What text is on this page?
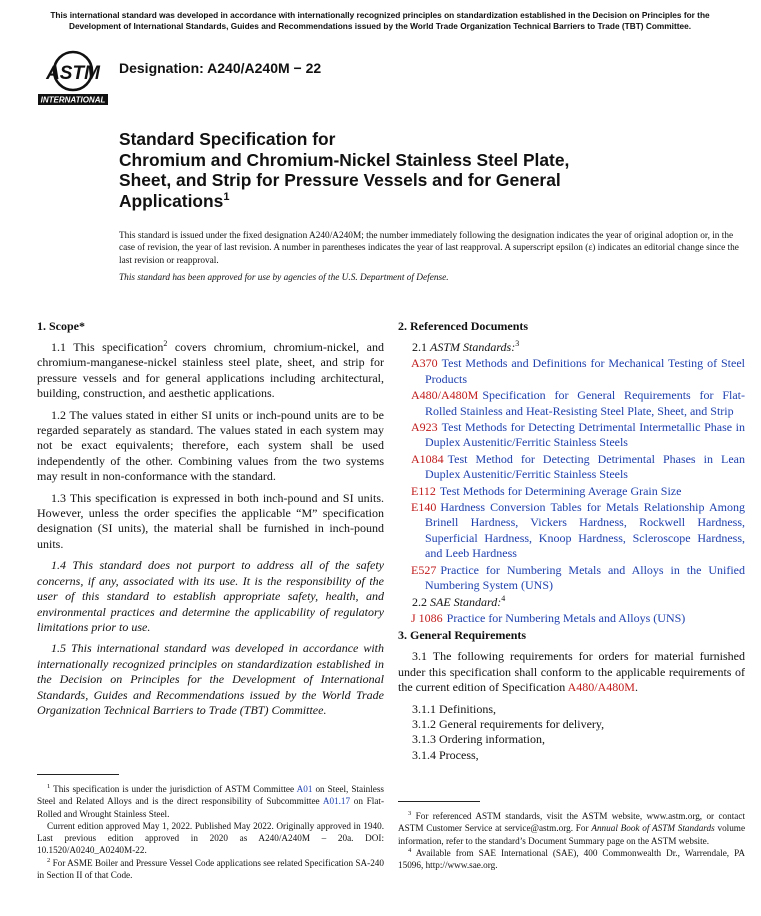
This international standard was developed in accordance with internationally recognized principles on standardization established in the Decision on Principles for the Development of International Standards, Guides and Recommendations issued by the World Trade Organization Technical Barriers to Trade (TBT) Committee.
ASTM
INTERNATIONAL
Designation: A240/A240M − 22
Standard Specification for
Chromium and Chromium-Nickel Stainless Steel Plate,
Sheet, and Strip for Pressure Vessels and for General
Applications$^1$
This standard is issued under the fixed designation A240/A240M; the number immediately following the designation indicates the year of original adoption or, in the case of revision, the year of last revision. A number in parentheses indicates the year of last reapproval. A superscript epsilon (ε) indicates an editorial change since the last revision or reapproval.
This standard has been approved for use by agencies of the U.S. Department of Defense.
1. Scope*

1.1 This specification$^2$ covers chromium, chromium-nickel, and chromium-manganese-nickel stainless steel plate, sheet, and strip for pressure vessels and for general applications including architectural, building, construction, and aesthetic applications.

1.2 The values stated in either SI units or inch-pound units are to be regarded separately as standard. The values stated in each system may not be exact equivalents; therefore, each system shall be used independently of the other. Combining values from the two systems may result in non-conformance with the standard.

1.3 This specification is expressed in both inch-pound and SI units. However, unless the order specifies the applicable “M” specification designation (SI units), the material shall be furnished in inch-pound units.

1.4 This standard does not purport to address all of the safety concerns, if any, associated with its use. It is the responsibility of the user of this standard to establish appropriate safety, health, and environmental practices and determine the applicability of regulatory limitations prior to use.

1.5 This international standard was developed in accordance with internationally recognized principles on standardization established in the Decision on Principles for the Development of International Standards, Guides and Recommendations issued by the World Trade Organization Technical Barriers to Trade (TBT) Committee.

2. Referenced Documents
2.1 ASTM Standards:$^3$
A370 Test Methods and Definitions for Mechanical Testing of Steel Products
A480/A480M Specification for General Requirements for Flat-Rolled Stainless and Heat-Resisting Steel Plate, Sheet, and Strip
A923 Test Methods for Detecting Detrimental Intermetallic Phase in Duplex Austenitic/Ferritic Stainless Steels
A1084 Test Method for Detecting Detrimental Phases in Lean Duplex Austenitic/Ferritic Stainless Steels
E112 Test Methods for Determining Average Grain Size
E140 Hardness Conversion Tables for Metals Relationship Among Brinell Hardness, Vickers Hardness, Rockwell Hardness, Superficial Hardness, Knoop Hardness, Scleroscope Hardness, and Leeb Hardness
E527 Practice for Numbering Metals and Alloys in the Unified Numbering System (UNS)
2.2 SAE Standard:$^4$
J 1086 Practice for Numbering Metals and Alloys (UNS)
3. General Requirements

3.1 The following requirements for orders for material furnished under this specification shall conform to the applicable requirements of the current edition of Specification A480/A480M.

3.1.1 Definitions,
3.1.2 General requirements for delivery,
3.1.3 Ordering information,
3.1.4 Process,

$^1$ This specification is under the jurisdiction of ASTM Committee A01 on Steel, Stainless Steel and Related Alloys and is the direct responsibility of Subcommittee A01.17 on Flat-Rolled and Wrought Stainless Steel.

Current edition approved May 1, 2022. Published May 2022. Originally approved in 1940. Last previous edition approved in 2020 as A240/A240M – 20a. DOI: 10.1520/A0240_A0240M-22.

$^2$ For ASME Boiler and Pressure Vessel Code applications see related Specification SA-240 in Section II of that Code.

$^3$ For referenced ASTM standards, visit the ASTM website, www.astm.org, or contact ASTM Customer Service at service@astm.org. For Annual Book of ASTM Standards volume information, refer to the standard’s Document Summary page on the ASTM website.

$^4$ Available from SAE International (SAE), 400 Commonwealth Dr., Warrendale, PA 15096, http://www.sae.org.
